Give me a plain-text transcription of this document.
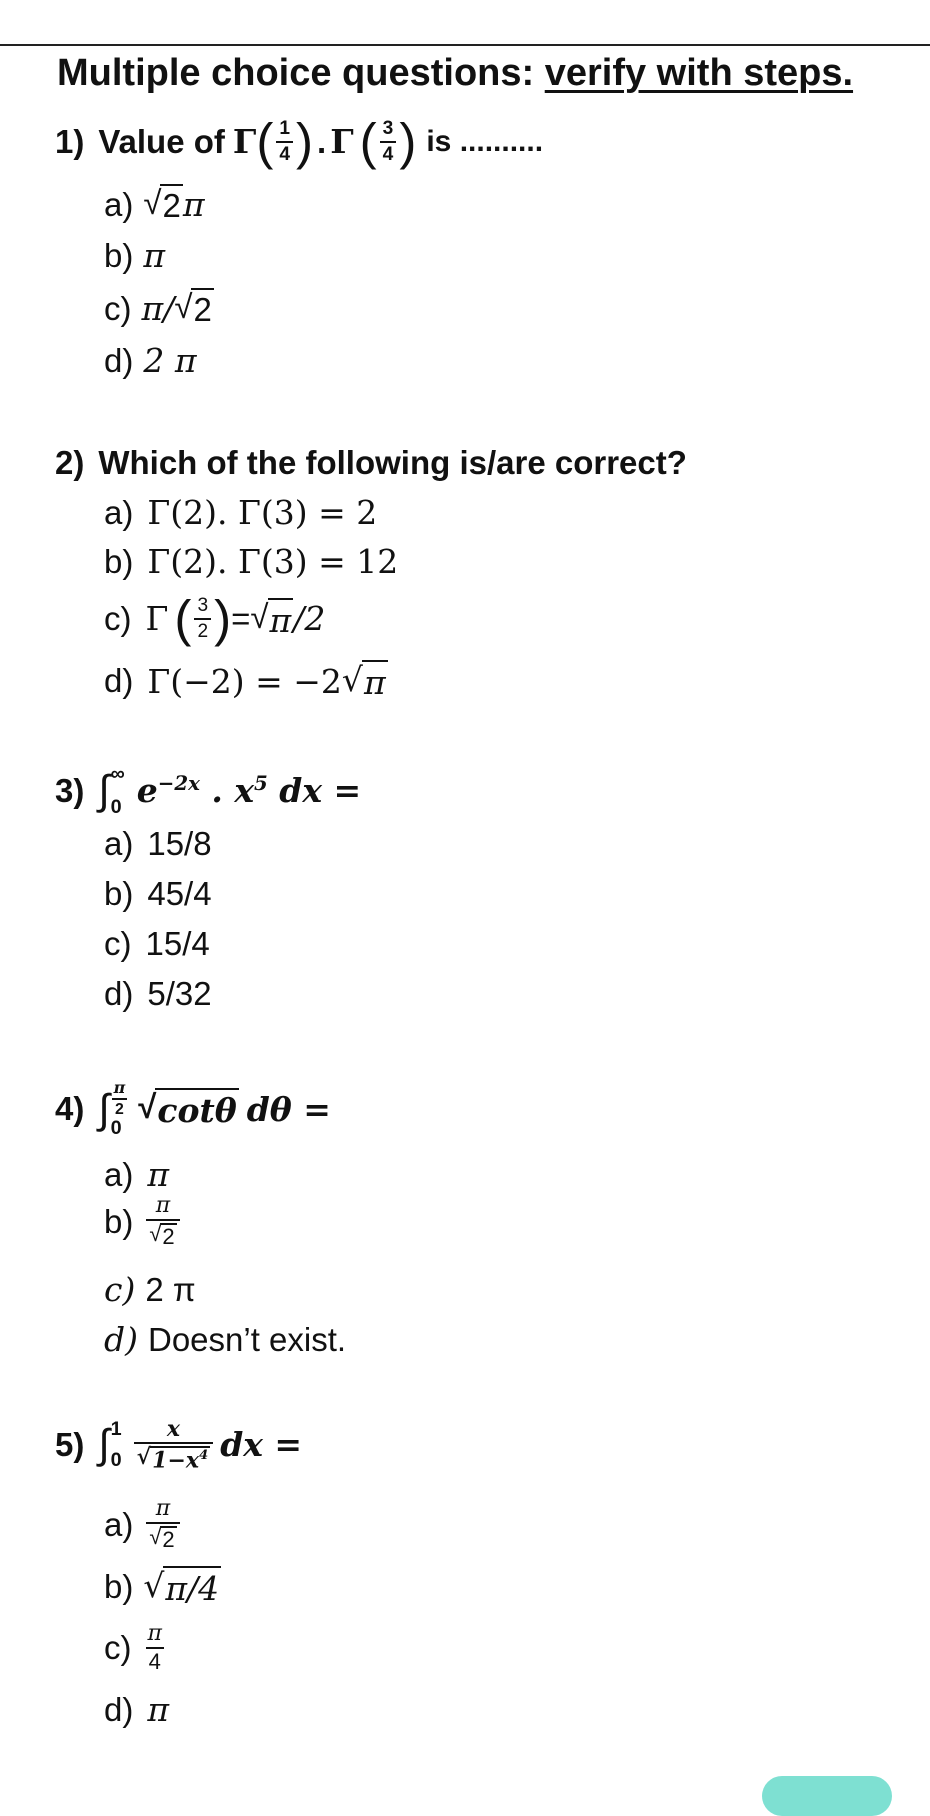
Multiple choice questions: verify with steps.
1) Value of Γ ( $\frac{1}{4}$ ) . Γ ( $\frac{3}{4}$ ) is ..........
a) √ 2 π
b) π
c) π/ √ 2
d) 2 π
2) Which of the following is/are correct?
a) Γ(2). Γ(3) = 2
b) Γ(2). Γ(3) = 12
c) Γ ( $\frac{3}{2}$ ) = √ π /2
d) Γ(−2) = −2 √ π
3) ∫ ∞
0 $e^{-2x}$ . $x^5$ dx =
a) 15/8
b) 45/4
c) 15/4
d) 5/32
4) ∫ $\frac{\pi}{2}$
0
√ cotθ dθ =
a) π
$b) \frac{\pi}{√ 2}$
c) 2 π
d) Doesn’t exist.
5) ∫ 1
$0 \frac{x}{√ 1-x^4}$ dx =
$a) \frac{\pi}{√ 2}$
b) √ π/4
$c) \frac{\pi}{4}$
d) π
